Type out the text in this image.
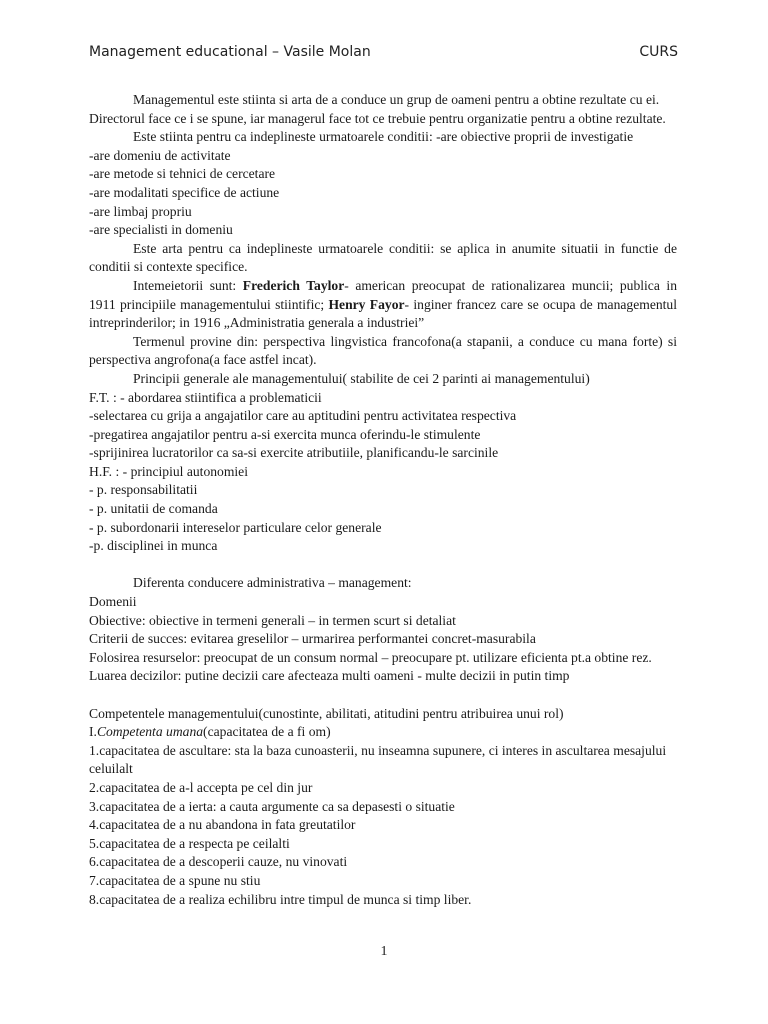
Management educational – Vasile Molan	CURS
Managementul este stiinta si arta de a conduce un grup de oameni pentru a obtine rezultate cu ei.
Directorul face ce i se spune, iar managerul face tot ce trebuie pentru organizatie pentru a obtine rezultate.
Este stiinta pentru ca indeplineste urmatoarele conditii: -are obiective proprii de investigatie
-are domeniu de activitate
-are metode si tehnici de cercetare
-are modalitati specifice de actiune
-are limbaj propriu
-are specialisti in domeniu
Este arta pentru ca indeplineste urmatoarele conditii: se aplica in anumite situatii in functie de
conditii si contexte specifice.
Intemeietorii sunt: Frederich Taylor- american preocupat de rationalizarea muncii; publica in
1911 principiile managementului stiintific; Henry Fayor- inginer francez care se ocupa de managementul
intreprinderilor; in 1916 „Administratia generala a industriei”
Termenul provine din: perspectiva lingvistica francofona(a stapanii, a conduce cu mana forte) si
perspectiva angrofona(a face astfel incat).
Principii generale ale managementului( stabilite de cei 2 parinti ai managementului)
F.T. : - abordarea stiintifica a problematicii
-selectarea cu grija a angajatilor care au aptitudini pentru activitatea respectiva
-pregatirea angajatilor pentru a-si exercita munca oferindu-le stimulente
-sprijinirea lucratorilor ca sa-si exercite atributiile, planificandu-le sarcinile
H.F. : - principiul autonomiei
- p. responsabilitatii
- p. unitatii de comanda
- p. subordonarii intereselor particulare celor generale
-p. disciplinei in munca
Diferenta conducere administrativa – management:
Domenii
Obiective: obiective in termeni generali – in termen scurt si detaliat
Criterii de succes: evitarea greselilor – urmarirea performantei concret-masurabila
Folosirea resurselor: preocupat de un consum normal – preocupare pt. utilizare eficienta pt.a obtine rez.
Luarea decizilor: putine decizii care afecteaza multi oameni - multe decizii in putin timp
Competentele managementului(cunostinte, abilitati, atitudini pentru atribuirea unui rol)
I.Competenta umana(capacitatea de a fi om)
1.capacitatea de ascultare: sta la baza cunoasterii, nu inseamna supunere, ci interes in ascultarea mesajului
celuilalt
2.capacitatea de a-l accepta pe cel din jur
3.capacitatea de a ierta: a cauta argumente ca sa depasesti o situatie
4.capacitatea de a nu abandona in fata greutatilor
5.capacitatea de a respecta pe ceilalti
6.capacitatea de a descoperii cauze, nu vinovati
7.capacitatea de a spune nu stiu
8.capacitatea de a realiza echilibru intre timpul de munca si timp liber.
1
